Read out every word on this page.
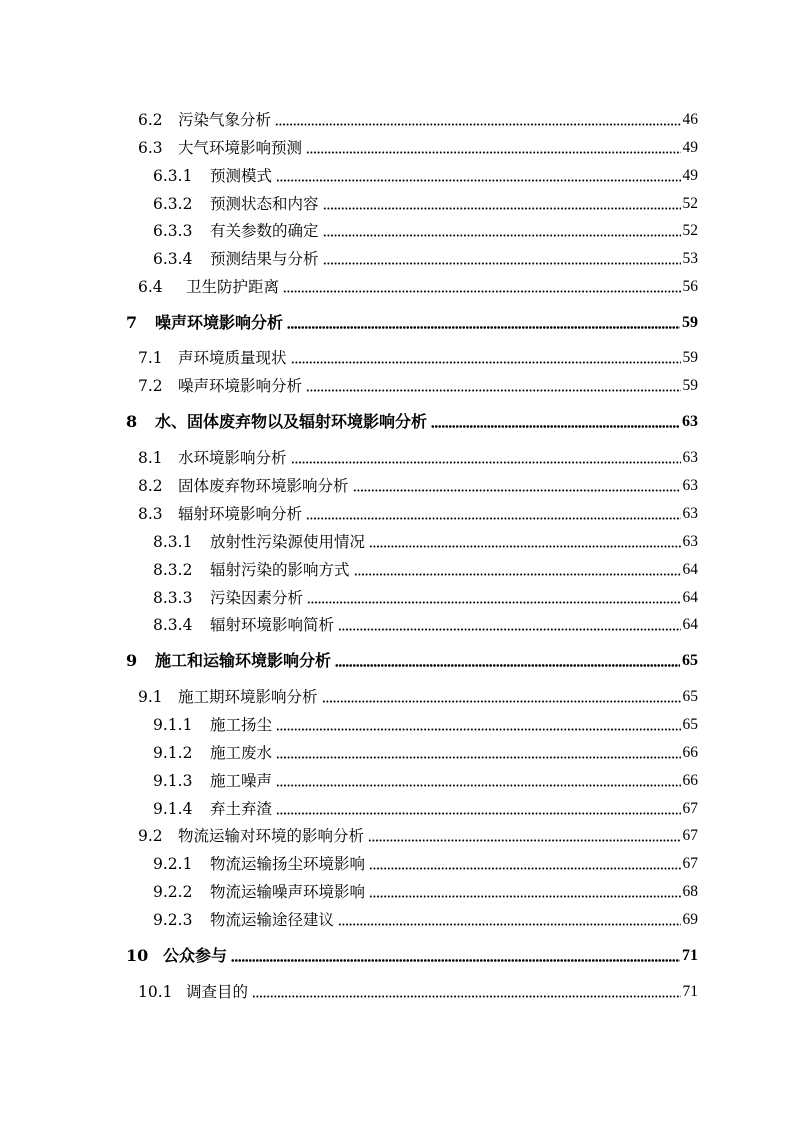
6.2 污染气象分析	46
6.3 大气环境影响预测	49
6.3.1	预测模式	49
6.3.2	预测状态和内容	52
6.3.3	有关参数的确定	52
6.3.4	预测结果与分析	53
6.4	卫生防护距离	56
7	噪声环境影响分析	59
7.1 声环境质量现状	59
7.2 噪声环境影响分析	59
8	水、固体废弃物以及辐射环境影响分析	63
8.1 水环境影响分析	63
8.2 固体废弃物环境影响分析	63
8.3 辐射环境影响分析	63
8.3.1	放射性污染源使用情况	63
8.3.2	辐射污染的影响方式	64
8.3.3	污染因素分析	64
8.3.4	辐射环境影响简析	64
9	施工和运输环境影响分析	65
9.1 施工期环境影响分析	65
9.1.1	施工扬尘	65
9.1.2	施工废水	66
9.1.3	施工噪声	66
9.1.4	弃土弃渣	67
9.2 物流运输对环境的影响分析	67
9.2.1	物流运输扬尘环境影响	67
9.2.2	物流运输噪声环境影响	68
9.2.3	物流运输途径建议	69
10 公众参与	71
10.1 调查目的	71
